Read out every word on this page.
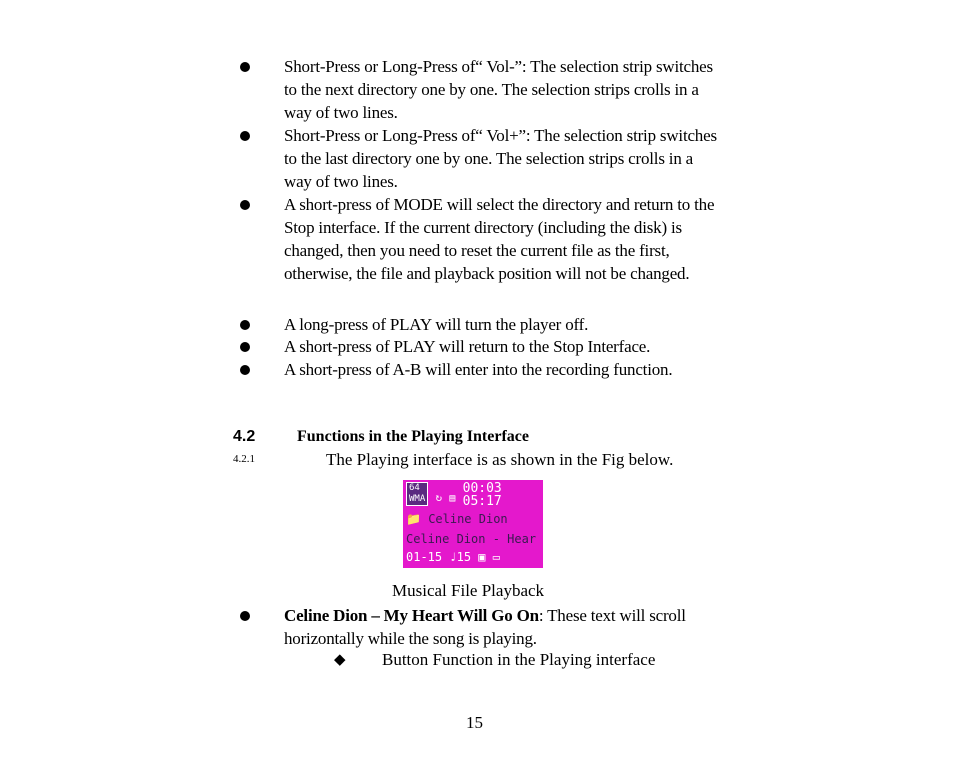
Short-Press or Long-Press of“ Vol-”: The selection strip switches to the next directory one by one. The selection strips crolls in a way of two lines.
Short-Press or Long-Press of“ Vol+”: The selection strip switches to the last directory one by one. The selection strips crolls in a way of two lines.
A short-press of MODE will select the directory and return to the Stop interface. If the current directory (including the disk) is changed, then you need to reset the current file as the first, otherwise, the file and playback position will not be changed.
A long-press of PLAY will turn the player off.
A short-press of PLAY will return to the Stop Interface.
A short-press of A-B will enter into the recording function.
4.2	Functions in the Playing Interface
4.2.1	The Playing interface is as shown in the Fig below.
64
WMA ↻ ▤ 00:03
05:17
📁 Celine Dion
Celine Dion - Hear
01-15 ♩15 ▣ ▭
Musical File Playback
Celine Dion – My Heart Will Go On: These text will scroll horizontally while the song is playing.
◆ Button Function in the Playing interface
15
